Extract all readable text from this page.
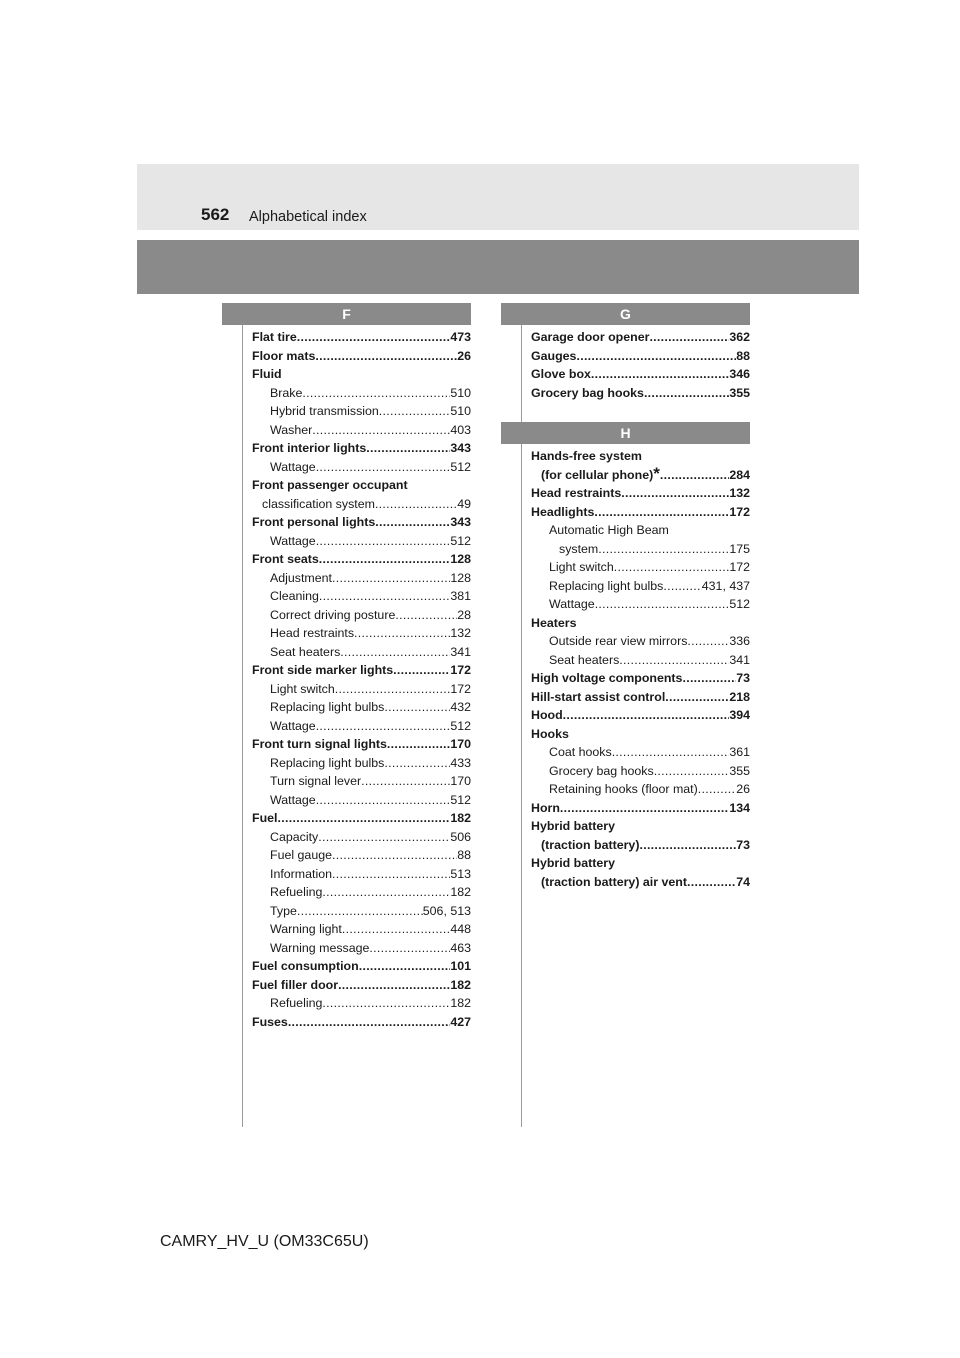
562 Alphabetical index
F
Flat tire .....	473
Floor mats .....	26
Fluid
Brake .....	510
Hybrid transmission .....	510
Washer .....	403
Front interior lights .....	343
Wattage .....	512
Front passenger occupant
classification system .....	49
Front personal lights .....	343
Wattage .....	512
Front seats .....	128
Adjustment .....	128
Cleaning .....	381
Correct driving posture .....	28
Head restraints .....	132
Seat heaters .....	341
Front side marker lights .....	172
Light switch .....	172
Replacing light bulbs .....	432
Wattage .....	512
Front turn signal lights .....	170
Replacing light bulbs .....	433
Turn signal lever .....	170
Wattage .....	512
Fuel .....	182
Capacity .....	506
Fuel gauge .....	88
Information .....	513
Refueling .....	182
Type .....	506, 513
Warning light .....	448
Warning message .....	463
Fuel consumption .....	101
Fuel filler door .....	182
Refueling .....	182
Fuses .....	427
G
Garage door opener .....	362
Gauges .....	88
Glove box .....	346
Grocery bag hooks .....	355
H
Hands-free system
(for cellular phone) * .....	284
Head restraints .....	132
Headlights .....	172
Automatic High Beam
system .....	175
Light switch .....	172
Replacing light bulbs .....	431, 437
Wattage .....	512
Heaters
Outside rear view mirrors .....	336
Seat heaters .....	341
High voltage components .....	73
Hill-start assist control .....	218
Hood .....	394
Hooks
Coat hooks .....	361
Grocery bag hooks .....	355
Retaining hooks (floor mat) .....	26
Horn .....	134
Hybrid battery
(traction battery) .....	73
Hybrid battery
(traction battery) air vent .....	74
CAMRY_HV_U (OM33C65U)
